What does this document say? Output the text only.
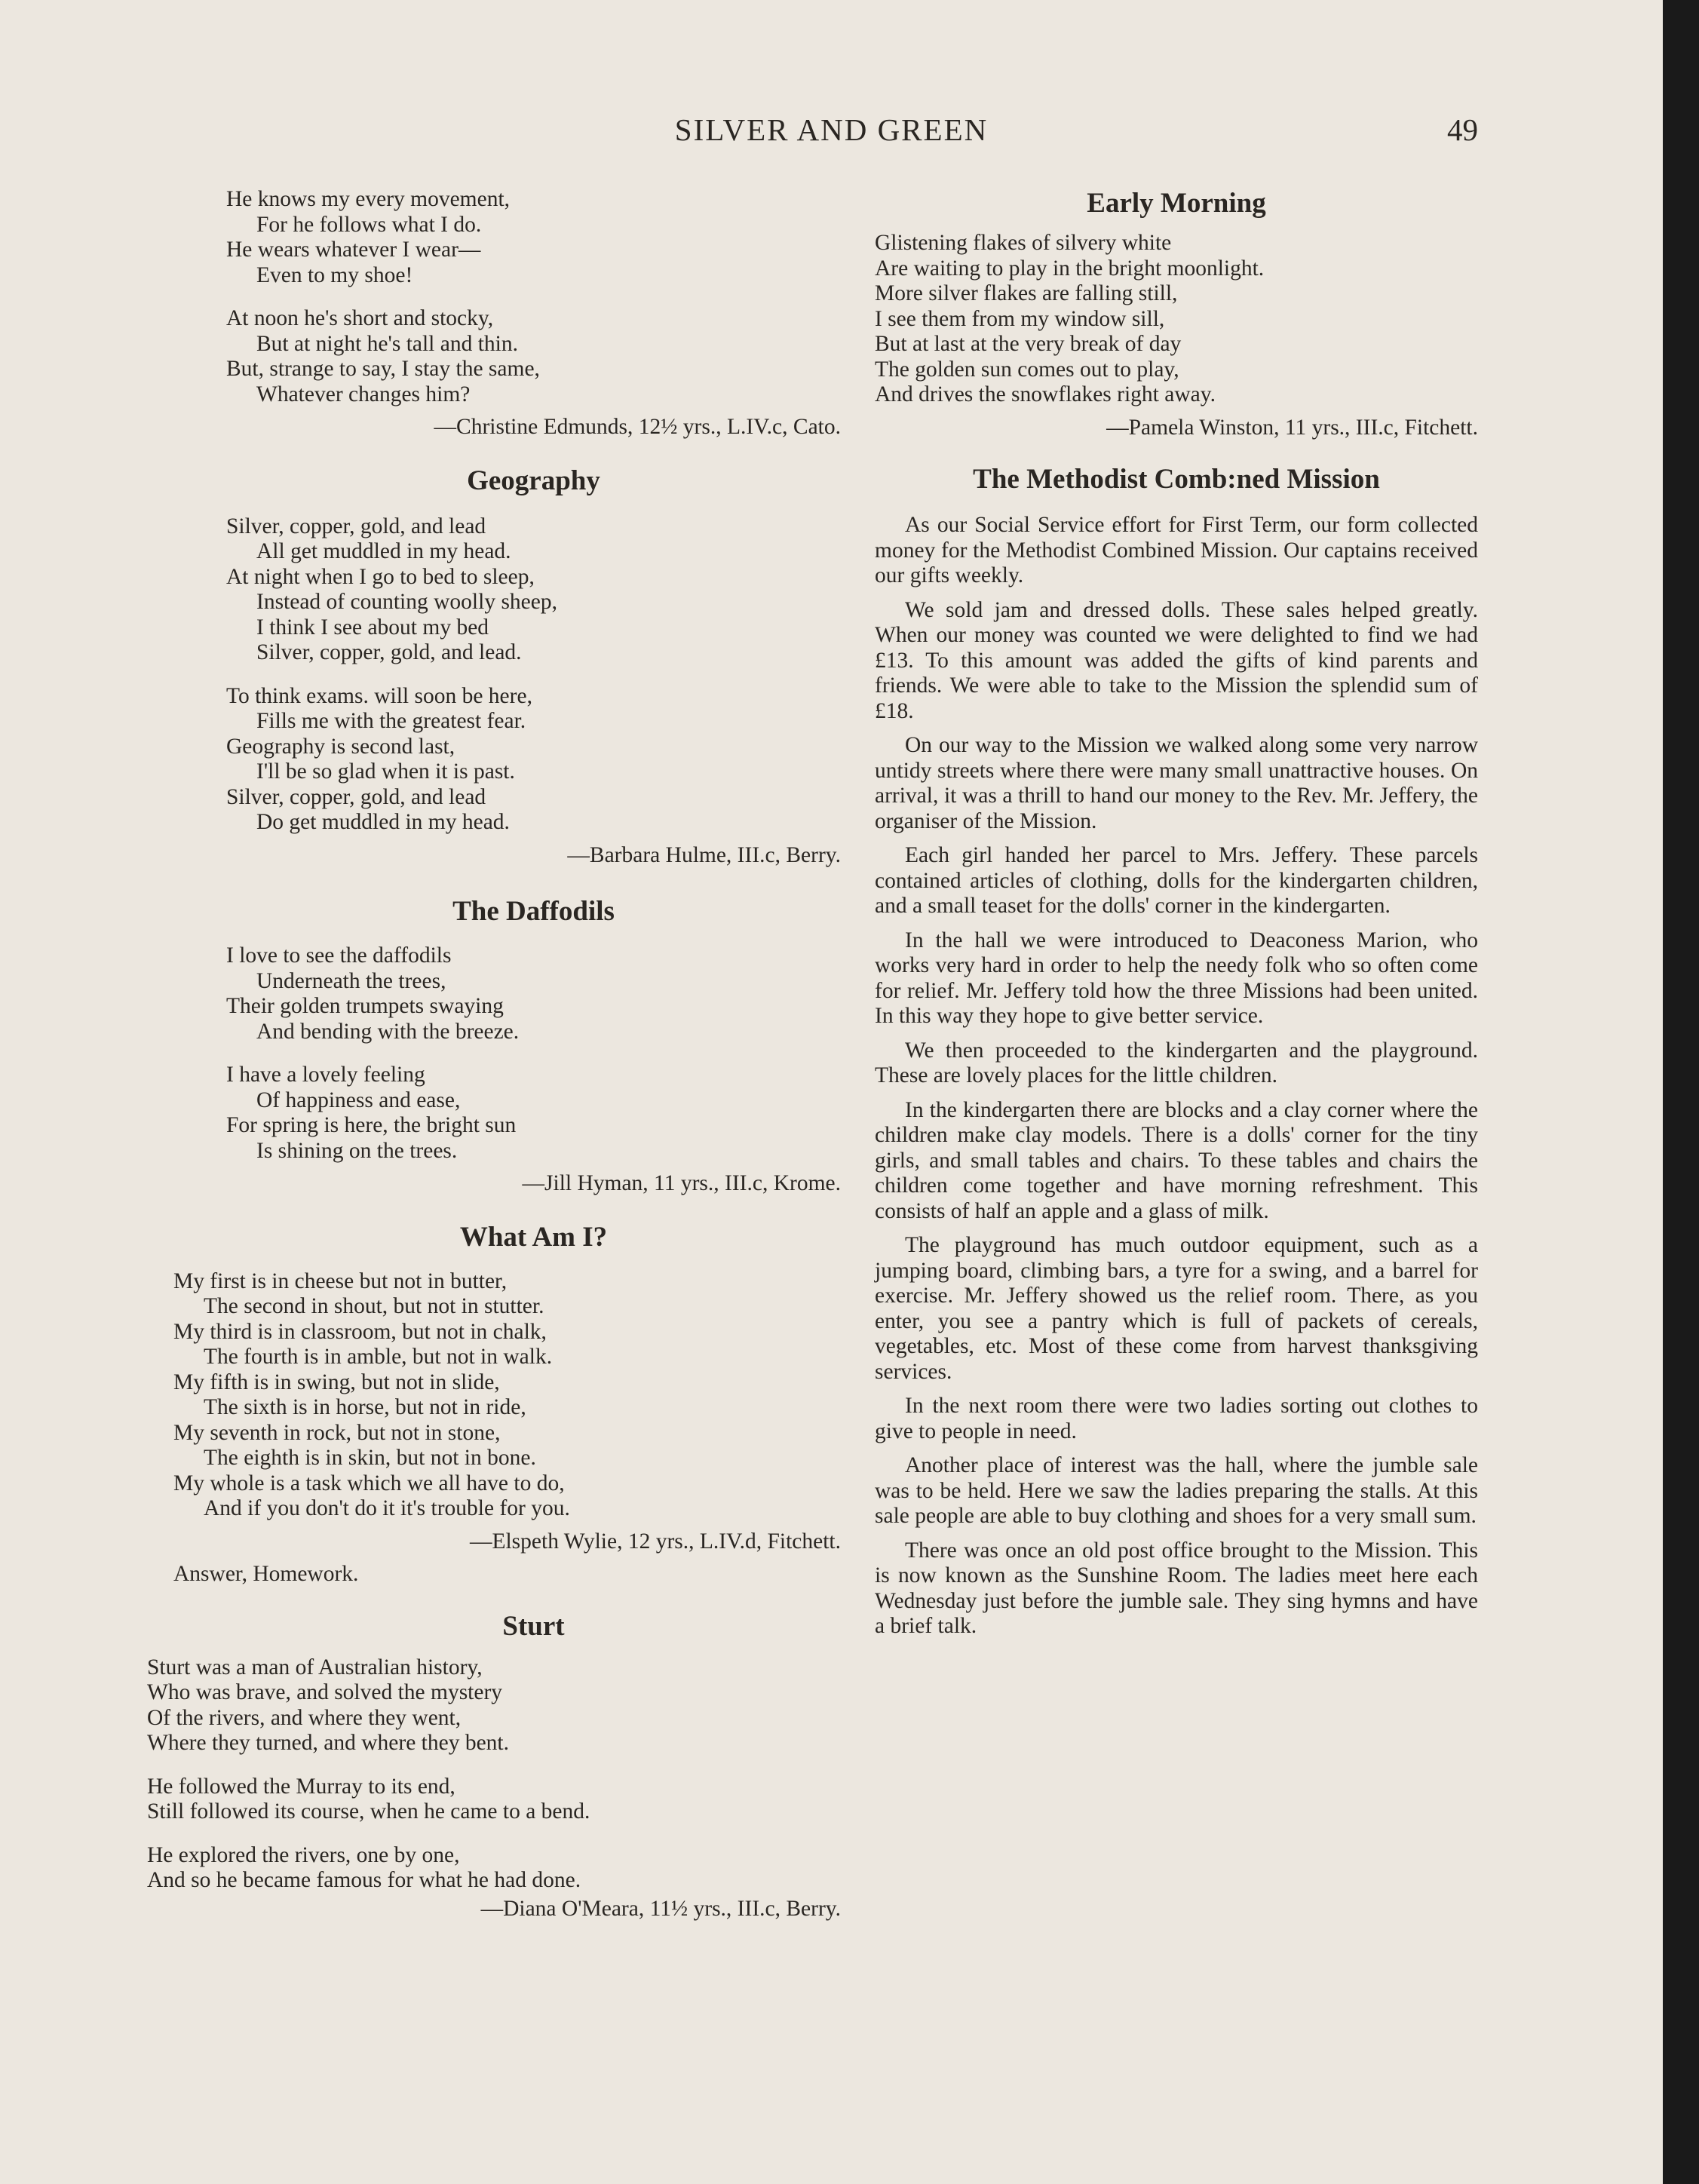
SILVER AND GREEN	49
He knows my every movement,
For he follows what I do.
He wears whatever I wear—
Even to my shoe!
At noon he's short and stocky,
But at night he's tall and thin.
But, strange to say, I stay the same,
Whatever changes him?
—Christine Edmunds, 12½ yrs., L.IV.c, Cato.
Geography
Silver, copper, gold, and lead
All get muddled in my head.
At night when I go to bed to sleep,
Instead of counting woolly sheep,
I think I see about my bed
Silver, copper, gold, and lead.
To think exams. will soon be here,
Fills me with the greatest fear.
Geography is second last,
I'll be so glad when it is past.
Silver, copper, gold, and lead
Do get muddled in my head.
—Barbara Hulme, III.c, Berry.
The Daffodils
I love to see the daffodils
Underneath the trees,
Their golden trumpets swaying
And bending with the breeze.
I have a lovely feeling
Of happiness and ease,
For spring is here, the bright sun
Is shining on the trees.
—Jill Hyman, 11 yrs., III.c, Krome.
What Am I?
My first is in cheese but not in butter,
The second in shout, but not in stutter.
My third is in classroom, but not in chalk,
The fourth is in amble, but not in walk.
My fifth is in swing, but not in slide,
The sixth is in horse, but not in ride,
My seventh in rock, but not in stone,
The eighth is in skin, but not in bone.
My whole is a task which we all have to do,
And if you don't do it it's trouble for you.
—Elspeth Wylie, 12 yrs., L.IV.d, Fitchett.
Answer, Homework.
Sturt
Sturt was a man of Australian history,
Who was brave, and solved the mystery
Of the rivers, and where they went,
Where they turned, and where they bent.
He followed the Murray to its end,
Still followed its course, when he came to a bend.
He explored the rivers, one by one,
And so he became famous for what he had done.
—Diana O'Meara, 11½ yrs., III.c, Berry.
Early Morning
Glistening flakes of silvery white
Are waiting to play in the bright moonlight.
More silver flakes are falling still,
I see them from my window sill,
But at last at the very break of day
The golden sun comes out to play,
And drives the snowflakes right away.
—Pamela Winston, 11 yrs., III.c, Fitchett.
The Methodist Comb:ned Mission

As our Social Service effort for First Term, our form collected money for the Methodist Combined Mission. Our captains received our gifts weekly.

We sold jam and dressed dolls. These sales helped greatly. When our money was counted we were delighted to find we had £13. To this amount was added the gifts of kind parents and friends. We were able to take to the Mission the splendid sum of £18.

On our way to the Mission we walked along some very narrow untidy streets where there were many small unattractive houses. On arrival, it was a thrill to hand our money to the Rev. Mr. Jeffery, the organiser of the Mission.

Each girl handed her parcel to Mrs. Jeffery. These parcels contained articles of clothing, dolls for the kindergarten children, and a small teaset for the dolls' corner in the kindergarten.

In the hall we were introduced to Deaconess Marion, who works very hard in order to help the needy folk who so often come for relief. Mr. Jeffery told how the three Missions had been united. In this way they hope to give better service.

We then proceeded to the kindergarten and the playground. These are lovely places for the little children.

In the kindergarten there are blocks and a clay corner where the children make clay models. There is a dolls' corner for the tiny girls, and small tables and chairs. To these tables and chairs the children come together and have morning refreshment. This consists of half an apple and a glass of milk.

The playground has much outdoor equipment, such as a jumping board, climbing bars, a tyre for a swing, and a barrel for exercise. Mr. Jeffery showed us the relief room. There, as you enter, you see a pantry which is full of packets of cereals, vegetables, etc. Most of these come from harvest thanksgiving services.

In the next room there were two ladies sorting out clothes to give to people in need.

Another place of interest was the hall, where the jumble sale was to be held. Here we saw the ladies preparing the stalls. At this sale people are able to buy clothing and shoes for a very small sum.

There was once an old post office brought to the Mission. This is now known as the Sunshine Room. The ladies meet here each Wednesday just before the jumble sale. They sing hymns and have a brief talk.
